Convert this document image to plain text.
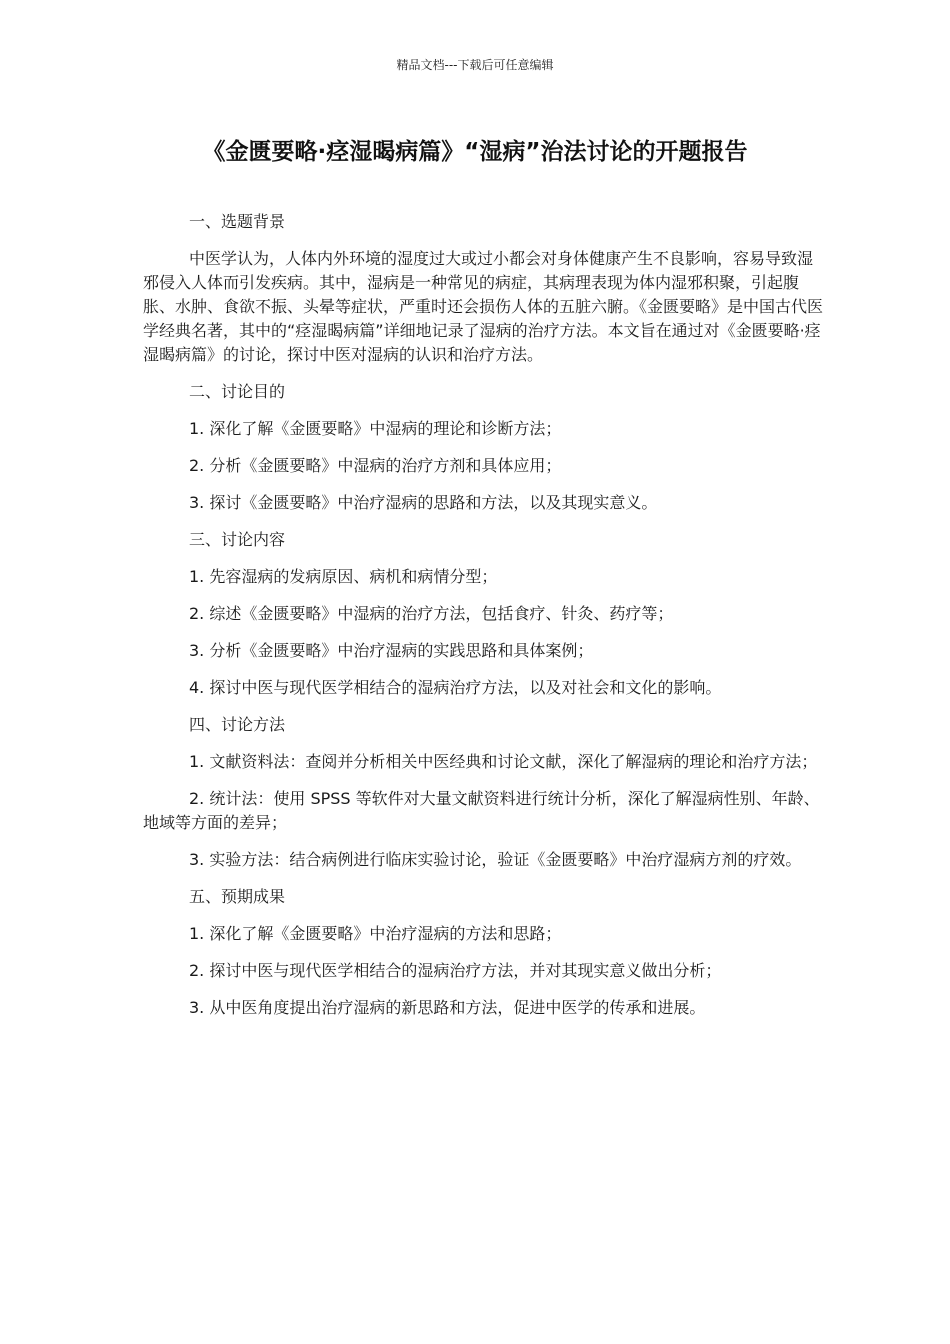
精品文档---下载后可任意编辑
《金匮要略·痉湿暍病篇》“湿病”治法讨论的开题报告

一、选题背景

中医学认为，人体内外环境的湿度过大或过小都会对身体健康产生不良影响，容易导致湿邪侵入人体而引发疾病。其中，湿病是一种常见的病症，其病理表现为体内湿邪积聚，引起腹胀、水肿、食欲不振、头晕等症状，严重时还会损伤人体的五脏六腑。《金匮要略》是中国古代医学经典名著，其中的“痉湿暍病篇”详细地记录了湿病的治疗方法。本文旨在通过对《金匮要略·痉湿暍病篇》的讨论，探讨中医对湿病的认识和治疗方法。

二、讨论目的

1. 深化了解《金匮要略》中湿病的理论和诊断方法；

2. 分析《金匮要略》中湿病的治疗方剂和具体应用；

3. 探讨《金匮要略》中治疗湿病的思路和方法，以及其现实意义。

三、讨论内容

1. 先容湿病的发病原因、病机和病情分型；

2. 综述《金匮要略》中湿病的治疗方法，包括食疗、针灸、药疗等；

3. 分析《金匮要略》中治疗湿病的实践思路和具体案例；

4. 探讨中医与现代医学相结合的湿病治疗方法，以及对社会和文化的影响。

四、讨论方法

1. 文献资料法：查阅并分析相关中医经典和讨论文献，深化了解湿病的理论和治疗方法；

2. 统计法：使用 SPSS 等软件对大量文献资料进行统计分析，深化了解湿病性别、年龄、地域等方面的差异；

3. 实验方法：结合病例进行临床实验讨论，验证《金匮要略》中治疗湿病方剂的疗效。

五、预期成果

1. 深化了解《金匮要略》中治疗湿病的方法和思路；

2. 探讨中医与现代医学相结合的湿病治疗方法，并对其现实意义做出分析；

3. 从中医角度提出治疗湿病的新思路和方法，促进中医学的传承和进展。
